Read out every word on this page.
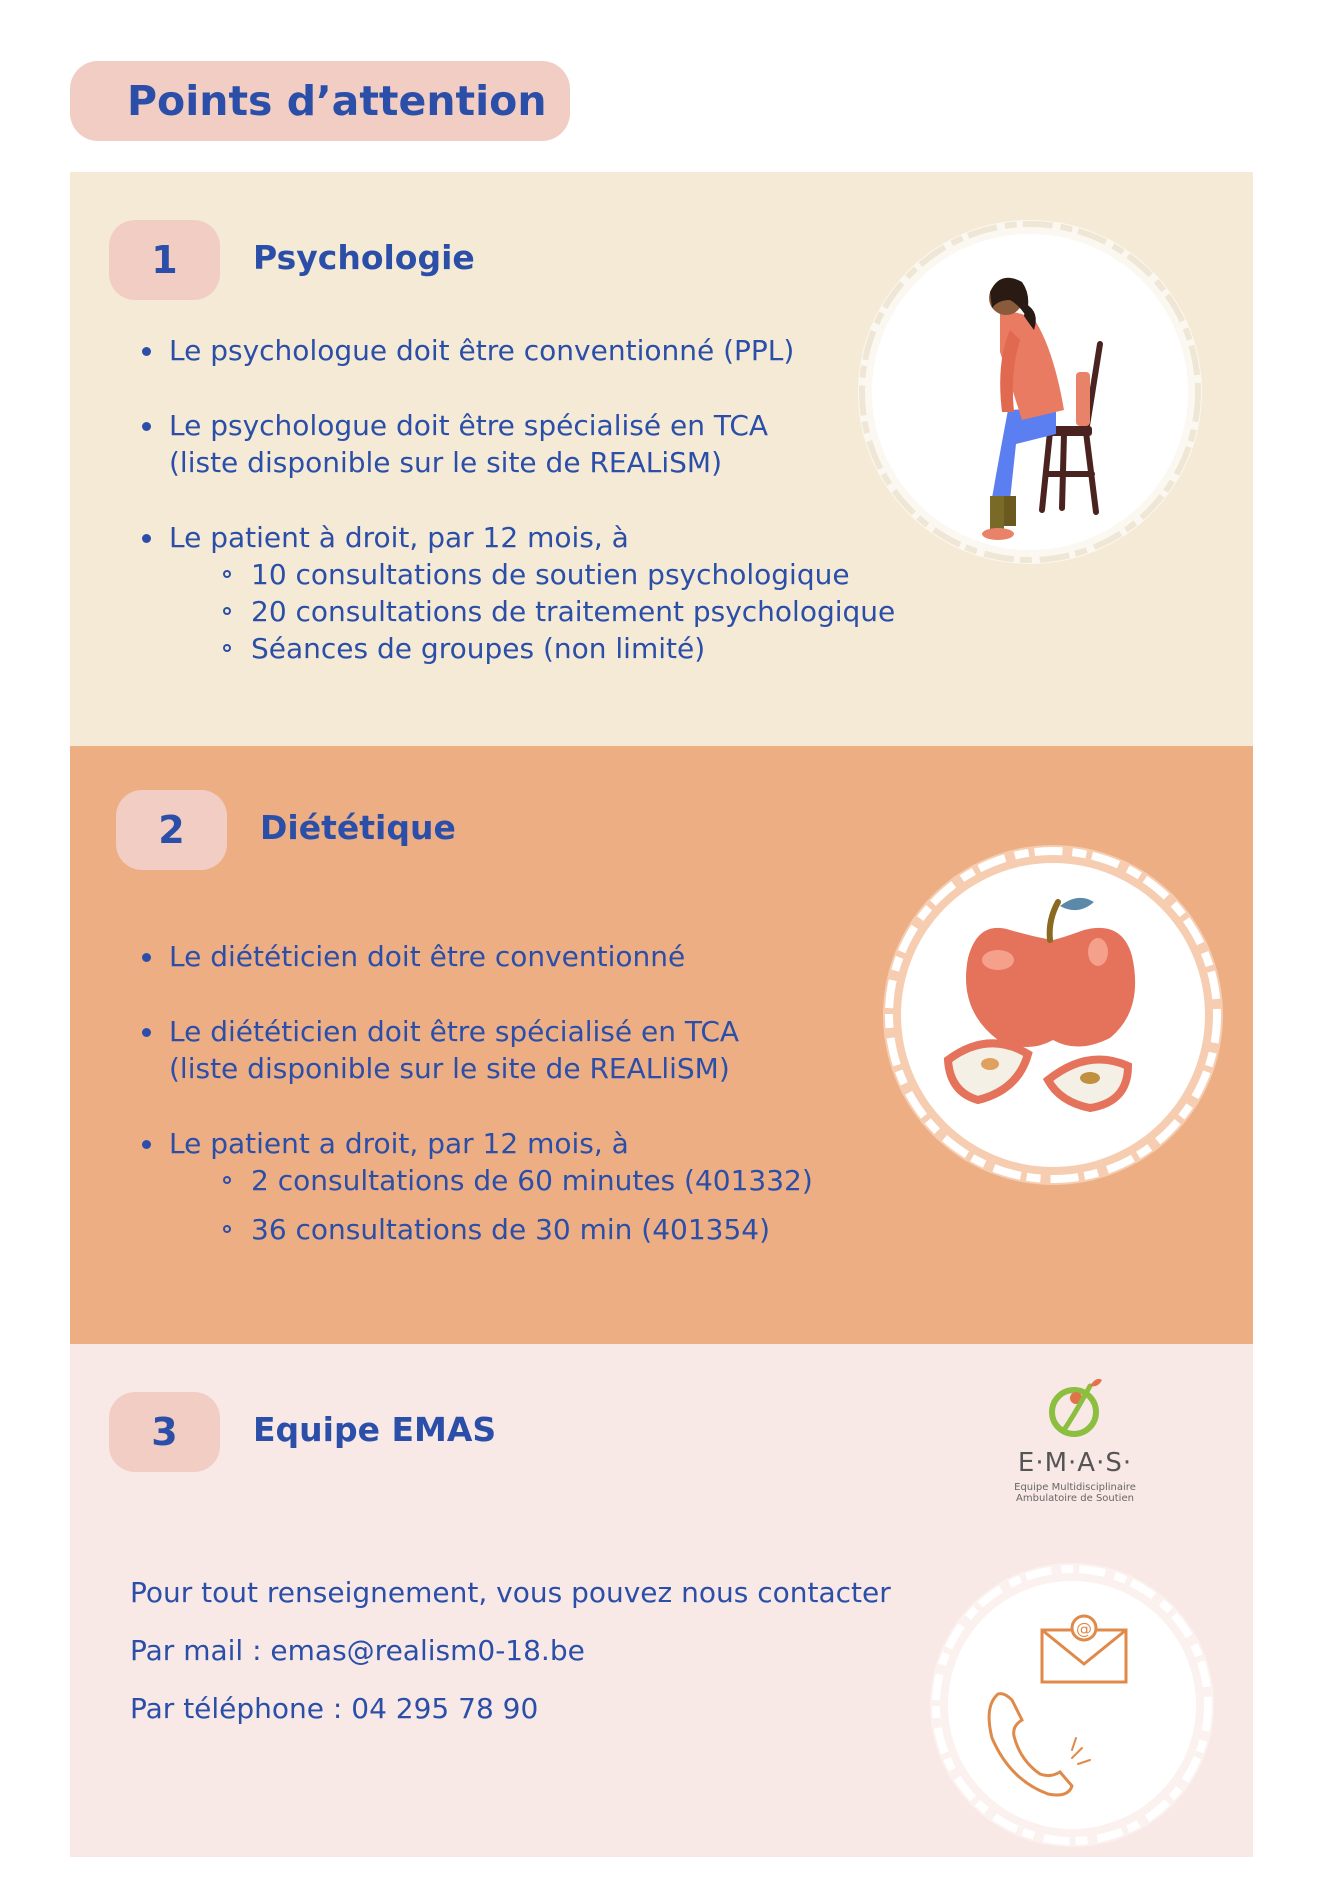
Points d’attention
1	Psychologie
Le psychologue doit être conventionné (PPL)
Le psychologue doit être spécialisé en TCA
(liste disponible sur le site de REALiSM)
Le patient à droit, par 12 mois, à
10 consultations de soutien psychologique
20 consultations de traitement psychologique
Séances de groupes (non limité)
2	Diététique
Le diététicien doit être conventionné
Le diététicien doit être spécialisé en TCA
(liste disponible sur le site de REALliSM)
Le patient a droit, par 12 mois, à
2 consultations de 60 minutes (401332)
36 consultations de 30 min (401354)
3	Equipe EMAS
E·M·A·S·
Equipe Multidisciplinaire
Ambulatoire de Soutien
Pour tout renseignement, vous pouvez nous contacter
Par mail : emas@realism0-18.be
Par téléphone : 04 295 78 90
@
